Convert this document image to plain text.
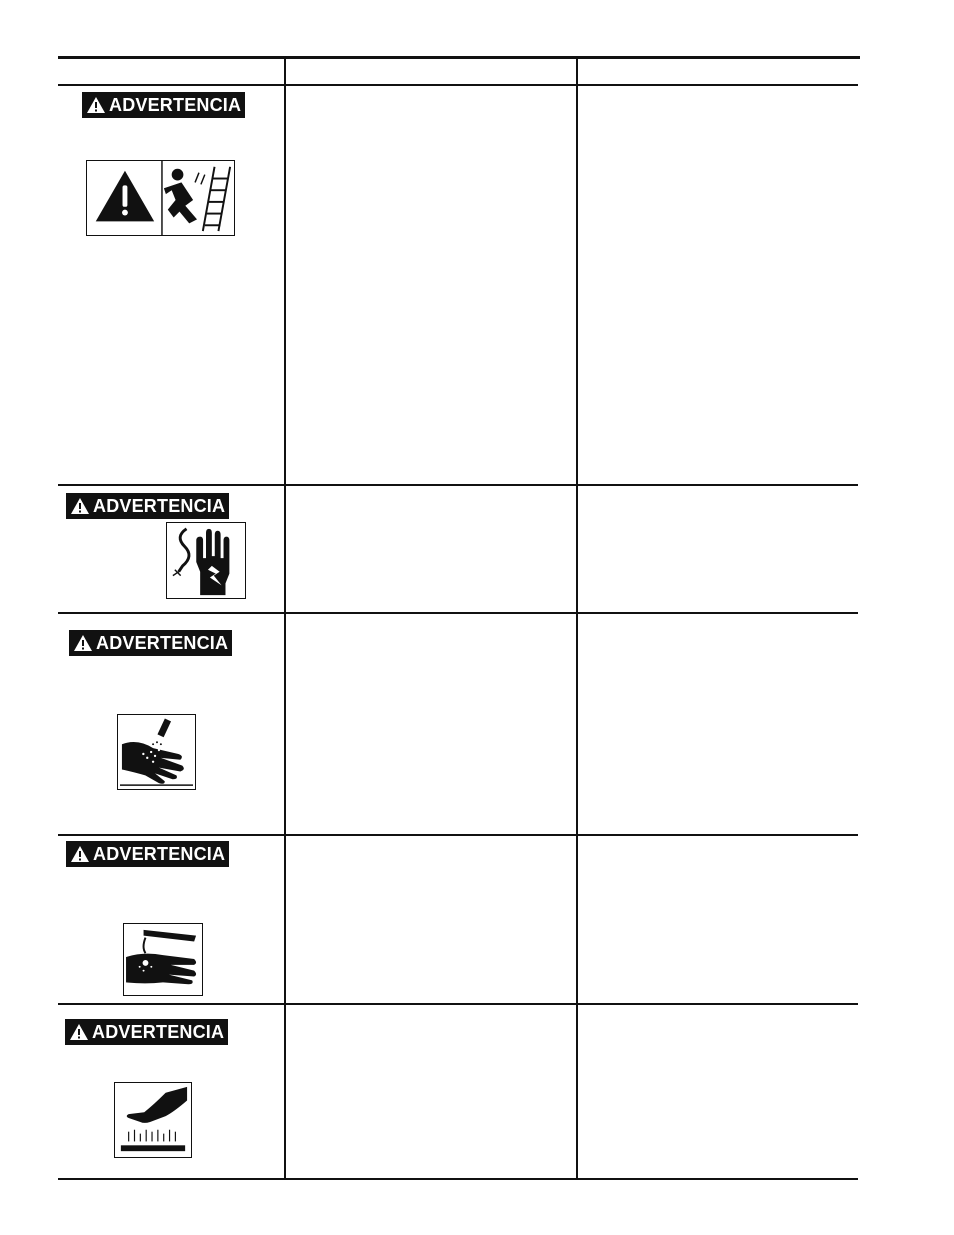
ADVERTENCIA
ADVERTENCIA
ADVERTENCIA
ADVERTENCIA
ADVERTENCIA
